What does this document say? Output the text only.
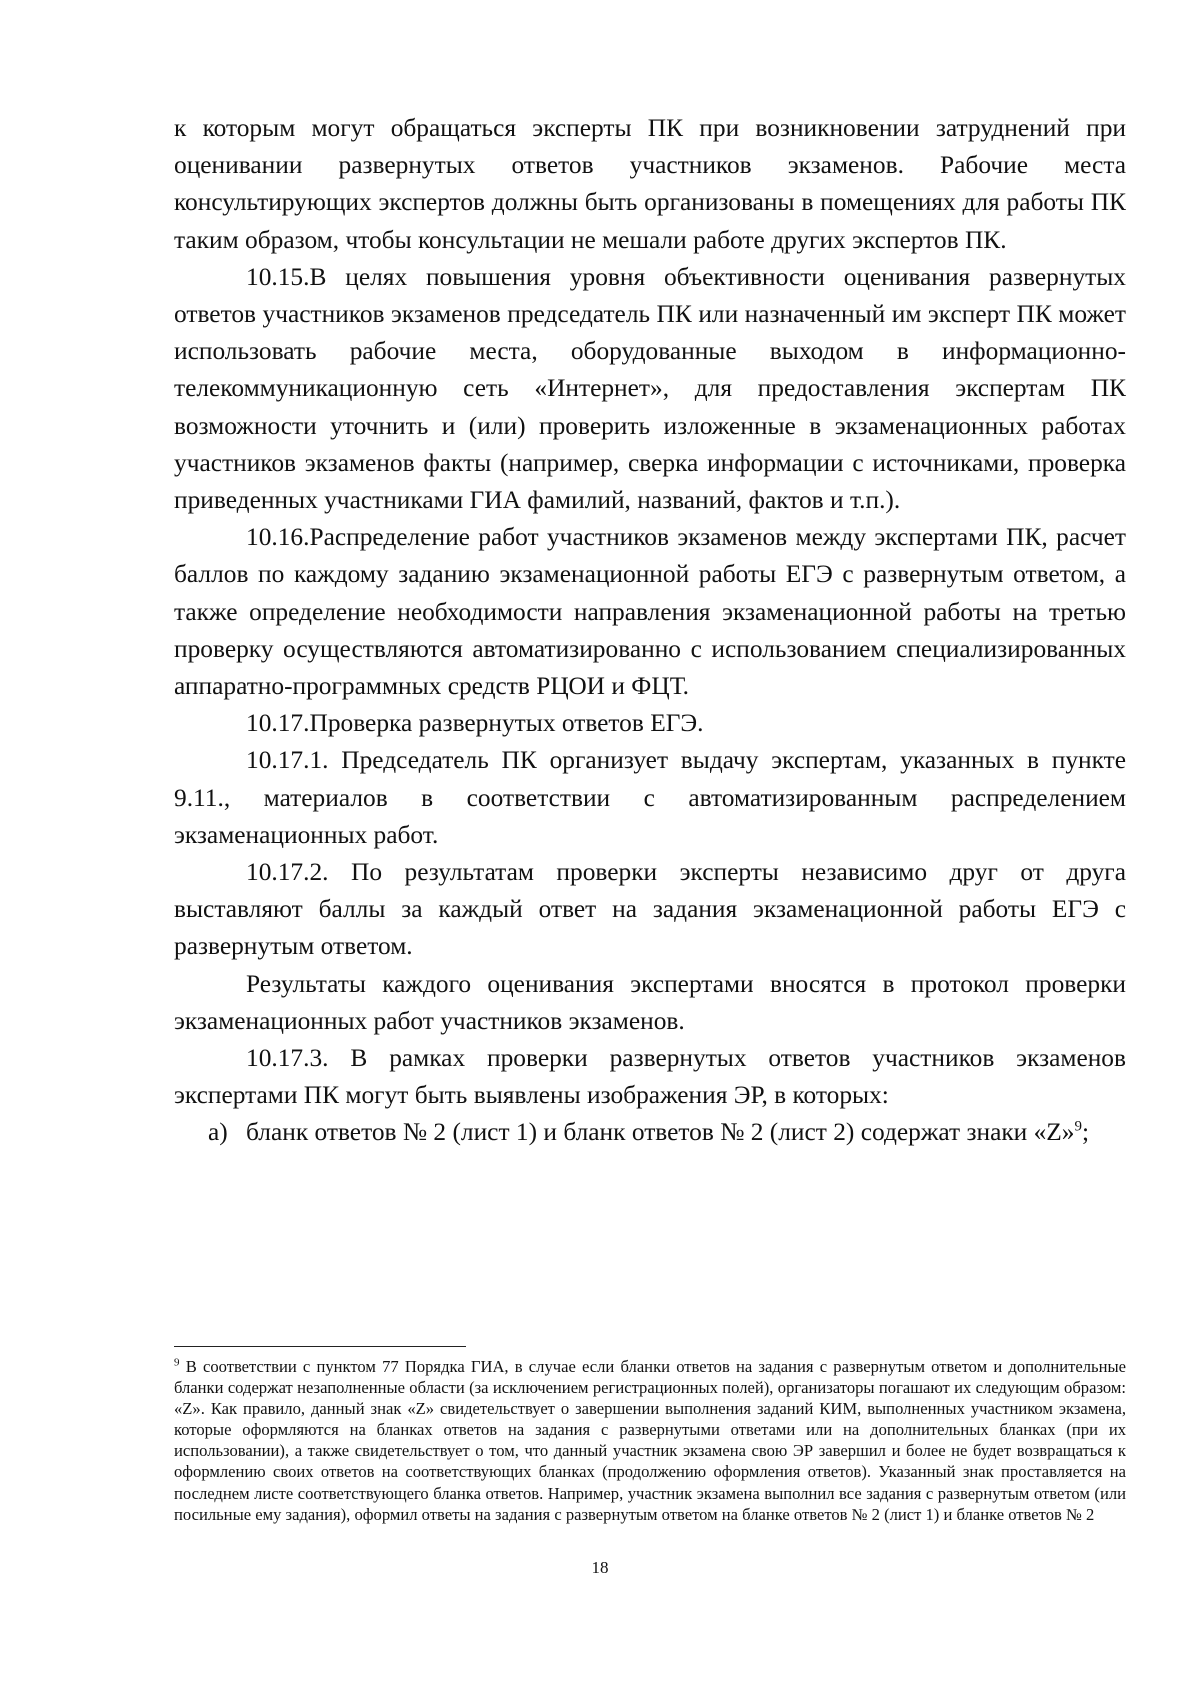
к которым могут обращаться эксперты ПК при возникновении затруднений при оценивании развернутых ответов участников экзаменов. Рабочие места консультирующих экспертов должны быть организованы в помещениях для работы ПК таким образом, чтобы консультации не мешали работе других экспертов ПК.

10.15.В целях повышения уровня объективности оценивания развернутых ответов участников экзаменов председатель ПК или назначенный им эксперт ПК может использовать рабочие места, оборудованные выходом в информационно-телекоммуникационную сеть «Интернет», для предоставления экспертам ПК возможности уточнить и (или) проверить изложенные в экзаменационных работах участников экзаменов факты (например, сверка информации с источниками, проверка приведенных участниками ГИА фамилий, названий, фактов и т.п.).

10.16.Распределение работ участников экзаменов между экспертами ПК, расчет баллов по каждому заданию экзаменационной работы ЕГЭ с развернутым ответом, а также определение необходимости направления экзаменационной работы на третью проверку осуществляются автоматизированно с использованием специализированных аппаратно-программных средств РЦОИ и ФЦТ.

10.17.Проверка развернутых ответов ЕГЭ.

10.17.1. Председатель ПК организует выдачу экспертам, указанных в пункте 9.11., материалов в соответствии с автоматизированным распределением экзаменационных работ.

10.17.2. По результатам проверки эксперты независимо друг от друга выставляют баллы за каждый ответ на задания экзаменационной работы ЕГЭ с развернутым ответом.

Результаты каждого оценивания экспертами вносятся в протокол проверки экзаменационных работ участников экзаменов.

10.17.3. В рамках проверки развернутых ответов участников экзаменов экспертами ПК могут быть выявлены изображения ЭР, в которых:

а) бланк ответов № 2 (лист 1) и бланк ответов № 2 (лист 2) содержат знаки «Z»$^9$;

$^9$ В соответствии с пунктом 77 Порядка ГИА, в случае если бланки ответов на задания с развернутым ответом и дополнительные бланки содержат незаполненные области (за исключением регистрационных полей), организаторы погашают их следующим образом: «Z». Как правило, данный знак «Z» свидетельствует о завершении выполнения заданий КИМ, выполненных участником экзамена, которые оформляются на бланках ответов на задания с развернутыми ответами или на дополнительных бланках (при их использовании), а также свидетельствует о том, что данный участник экзамена свою ЭР завершил и более не будет возвращаться к оформлению своих ответов на соответствующих бланках (продолжению оформления ответов). Указанный знак проставляется на последнем листе соответствующего бланка ответов. Например, участник экзамена выполнил все задания с развернутым ответом (или посильные ему задания), оформил ответы на задания с развернутым ответом на бланке ответов № 2 (лист 1) и бланке ответов № 2

18
